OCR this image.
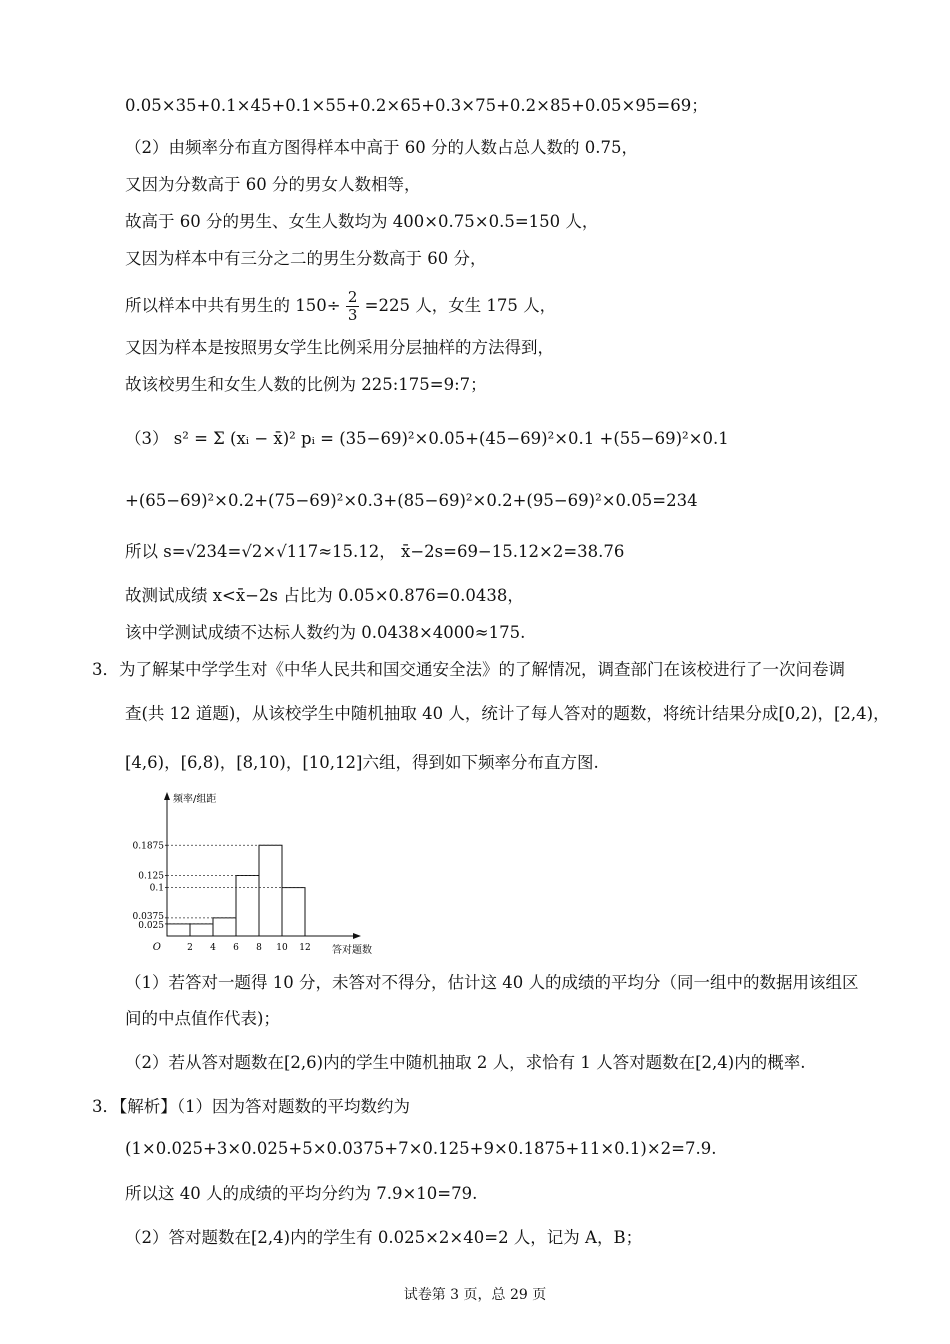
0.05×35+0.1×45+0.1×55+0.2×65+0.3×75+0.2×85+0.05×95=69；
（2）由频率分布直方图得样本中高于 60 分的人数占总人数的 0.75，
又因为分数高于 60 分的男女人数相等，
故高于 60 分的男生、女生人数均为 400×0.75×0.5=150 人，
又因为样本中有三分之二的男生分数高于 60 分，
所以样本中共有男生的 $150\div \frac{2}{3} =225$ 人，女生 175 人，
又因为样本是按照男女学生比例采用分层抽样的方法得到，
故该校男生和女生人数的比例为 225:175=9:7；
（3） s² = Σ (xᵢ − x̄)² pᵢ = (35−69)²×0.05+(45−69)²×0.1 +(55−69)²×0.1
+(65−69)²×0.2+(75−69)²×0.3+(85−69)²×0.2+(95−69)²×0.05=234
所以 s=√234=√2×√117≈15.12， x̄−2s=69−15.12×2=38.76
故测试成绩 x<x̄−2s 占比为 0.05×0.876=0.0438，
该中学测试成绩不达标人数约为 0.0438×4000≈175.
3．为了解某中学学生对《中华人民共和国交通安全法》的了解情况，调查部门在该校进行了一次问卷调
查(共 12 道题)，从该校学生中随机抽取 40 人，统计了每人答对的题数，将统计结果分成[0,2)，[2,4)，
[4,6)，[6,8)，[8,10)，[10,12]六组，得到如下频率分布直方图.
0.025
0.0375
0.1
0.125
0.1875
2 4 6 8 10 12
O
频率/组距
答对题数
（1）若答对一题得 10 分，未答对不得分，估计这 40 人的成绩的平均分（同一组中的数据用该组区
间的中点值作代表)；
（2）若从答对题数在[2,6)内的学生中随机抽取 2 人，求恰有 1 人答对题数在[2,4)内的概率.
3．【解析】（1）因为答对题数的平均数约为
(1×0.025+3×0.025+5×0.0375+7×0.125+9×0.1875+11×0.1)×2=7.9.
所以这 40 人的成绩的平均分约为 7.9×10=79.
（2）答对题数在[2,4)内的学生有 0.025×2×40=2 人，记为 A，B；
试卷第 3 页，总 29 页
